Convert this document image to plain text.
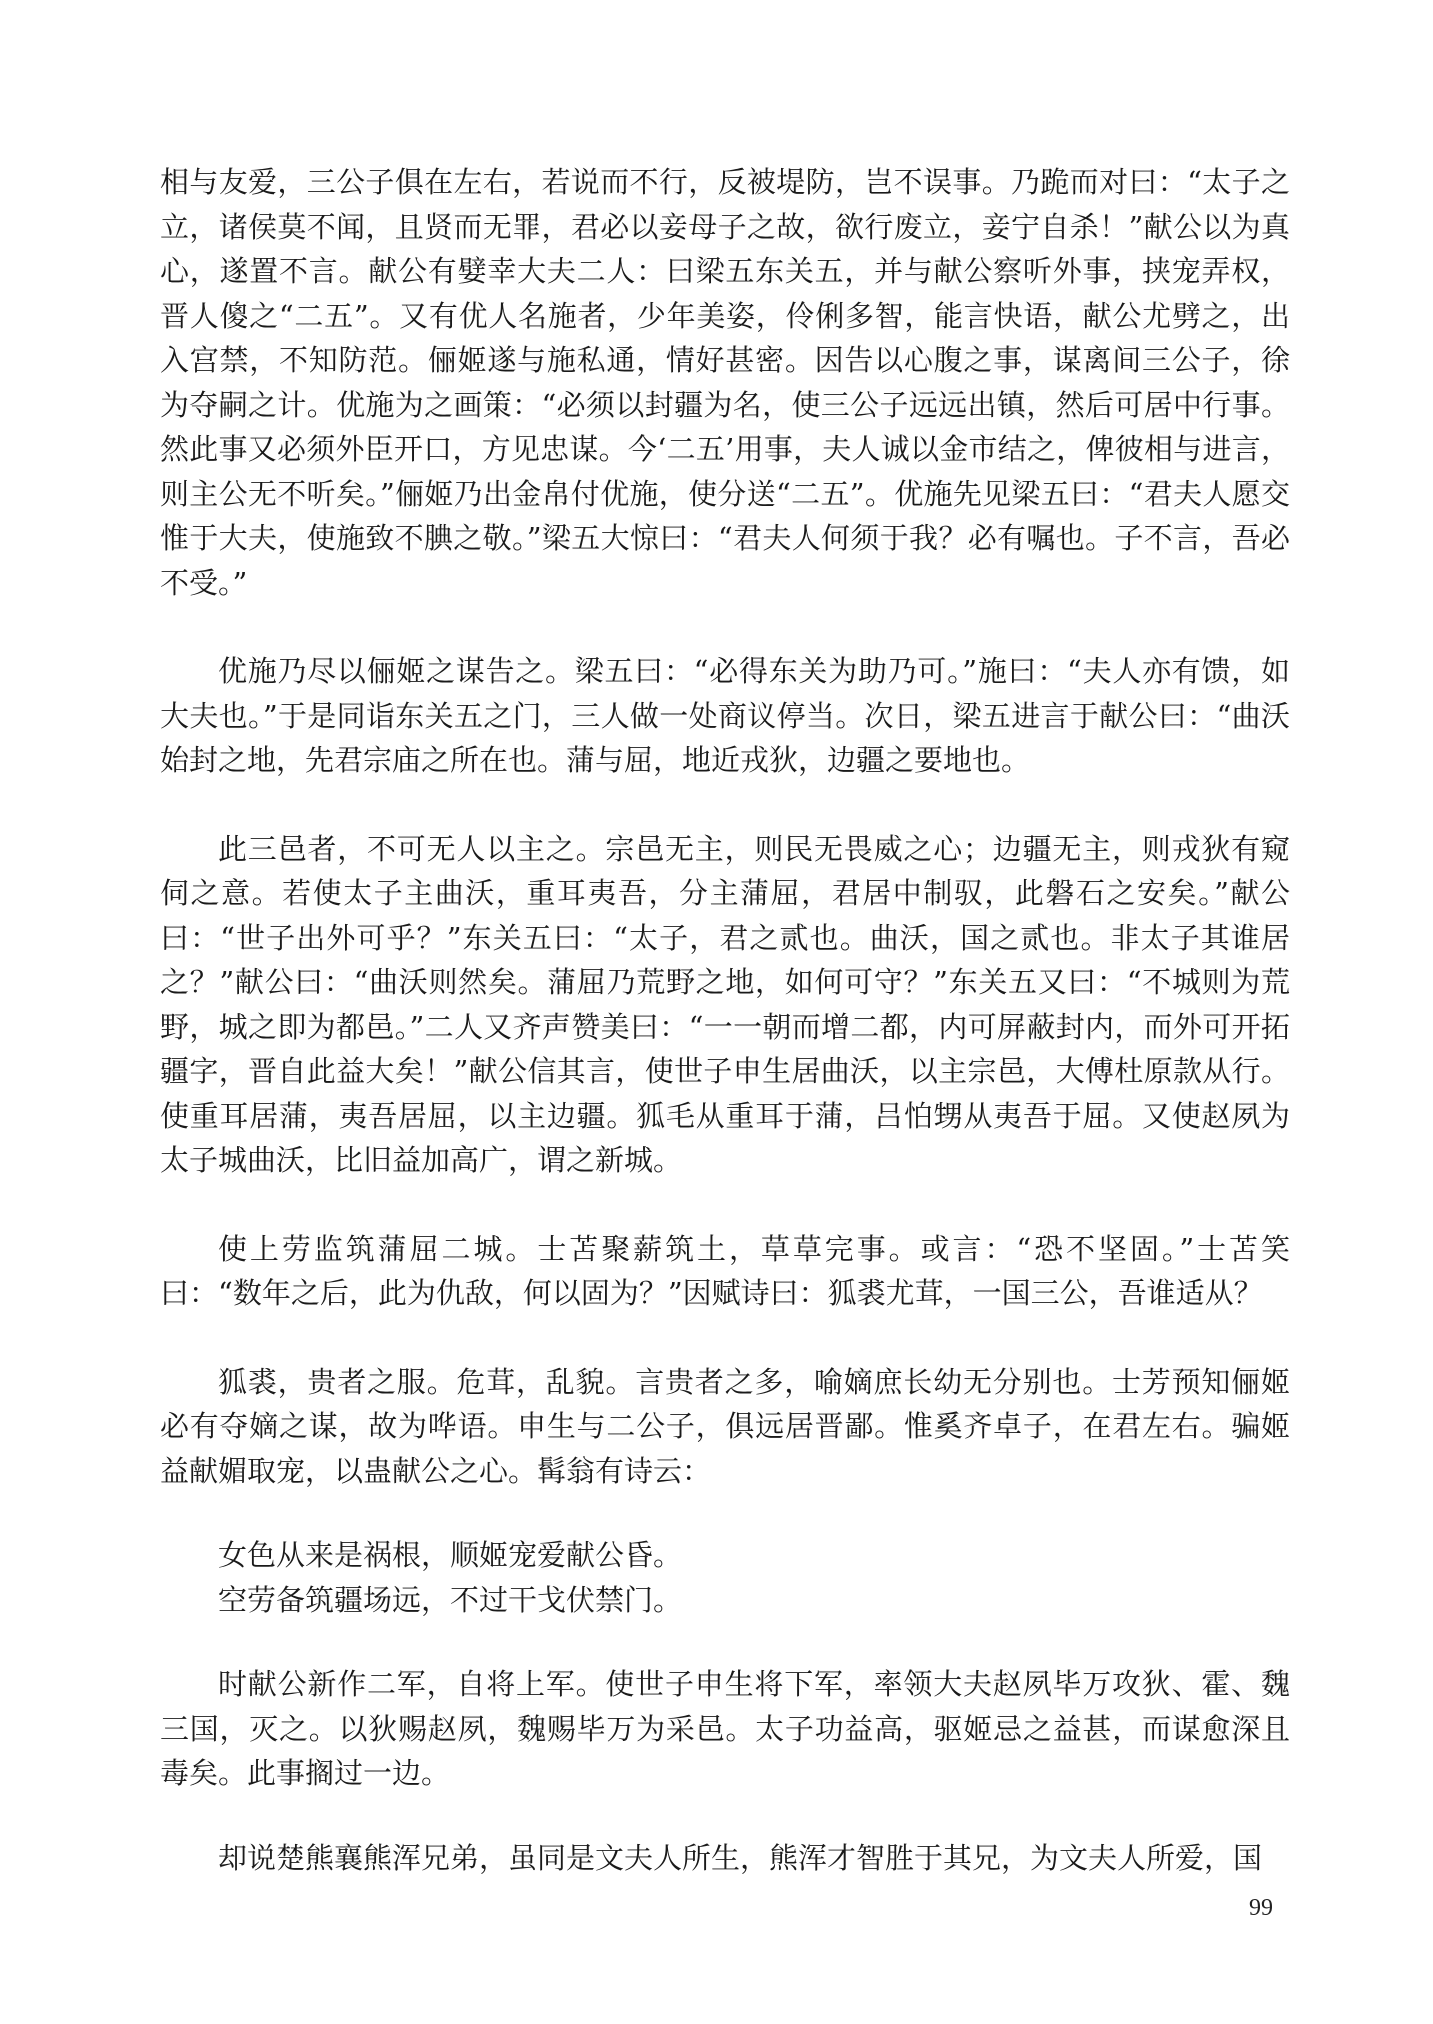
相与友爱，三公子俱在左右，若说而不行，反被堤防，岂不误事。乃跪而对曰：“太子之立，诸侯莫不闻，且贤而无罪，君必以妾母子之故，欲行废立，妾宁自杀！”献公以为真心，遂置不言。献公有嬖幸大夫二人：曰梁五东关五，并与献公察听外事，挟宠弄权，晋人傻之“二五”。又有优人名施者，少年美姿，伶俐多智，能言快语，献公尤劈之，出入宫禁，不知防范。俪姬遂与施私通，情好甚密。因告以心腹之事，谋离间三公子，徐为夺嗣之计。优施为之画策：“必须以封疆为名，使三公子远远出镇，然后可居中行事。然此事又必须外臣开口，方见忠谋。今‘二五’用事，夫人诚以金市结之，俾彼相与进言，则主公无不听矣。”俪姬乃出金帛付优施，使分送“二五”。优施先见梁五曰：“君夫人愿交惟于大夫，使施致不腆之敬。”梁五大惊曰：“君夫人何须于我？必有嘱也。子不言，吾必不受。”

优施乃尽以俪姬之谋告之。梁五曰：“必得东关为助乃可。”施曰：“夫人亦有馈，如大夫也。”于是同诣东关五之门，三人做一处商议停当。次日，梁五进言于献公曰：“曲沃始封之地，先君宗庙之所在也。蒲与屈，地近戎狄，边疆之要地也。

此三邑者，不可无人以主之。宗邑无主，则民无畏威之心；边疆无主，则戎狄有窥伺之意。若使太子主曲沃，重耳夷吾，分主蒲屈，君居中制驭，此磐石之安矣。”献公曰：“世子出外可乎？”东关五曰：“太子，君之贰也。曲沃，国之贰也。非太子其谁居之？”献公曰：“曲沃则然矣。蒲屈乃荒野之地，如何可守？”东关五又曰：“不城则为荒野，城之即为都邑。”二人又齐声赞美曰：“一一朝而增二都，内可屏蔽封内，而外可开拓疆字，晋自此益大矣！”献公信其言，使世子申生居曲沃，以主宗邑，大傅杜原款从行。使重耳居蒲，夷吾居屈，以主边疆。狐毛从重耳于蒲，吕怕甥从夷吾于屈。又使赵夙为太子城曲沃，比旧益加高广，谓之新城。

使上劳监筑蒲屈二城。士苫聚薪筑土，草草完事。或言：“恐不坚固。”士苫笑曰：“数年之后，此为仇敌，何以固为？”因赋诗曰：狐裘尤茸，一国三公，吾谁适从？

狐裘，贵者之服。危茸，乱貌。言贵者之多，喻嫡庶长幼无分别也。士芳预知俪姬必有夺嫡之谋，故为哗语。申生与二公子，俱远居晋鄙。惟奚齐卓子，在君左右。骗姬益献媚取宠，以蛊献公之心。髯翁有诗云：

女色从来是祸根，顺姬宠爱献公昏。
空劳备筑疆场远，不过干戈伏禁门。

时献公新作二军，自将上军。使世子申生将下军，率领大夫赵夙毕万攻狄、霍、魏三国，灭之。以狄赐赵夙，魏赐毕万为采邑。太子功益高，驱姬忌之益甚，而谋愈深且毒矣。此事搁过一边。

却说楚熊襄熊浑兄弟，虽同是文夫人所生，熊浑才智胜于其兄，为文夫人所爱，国

99
